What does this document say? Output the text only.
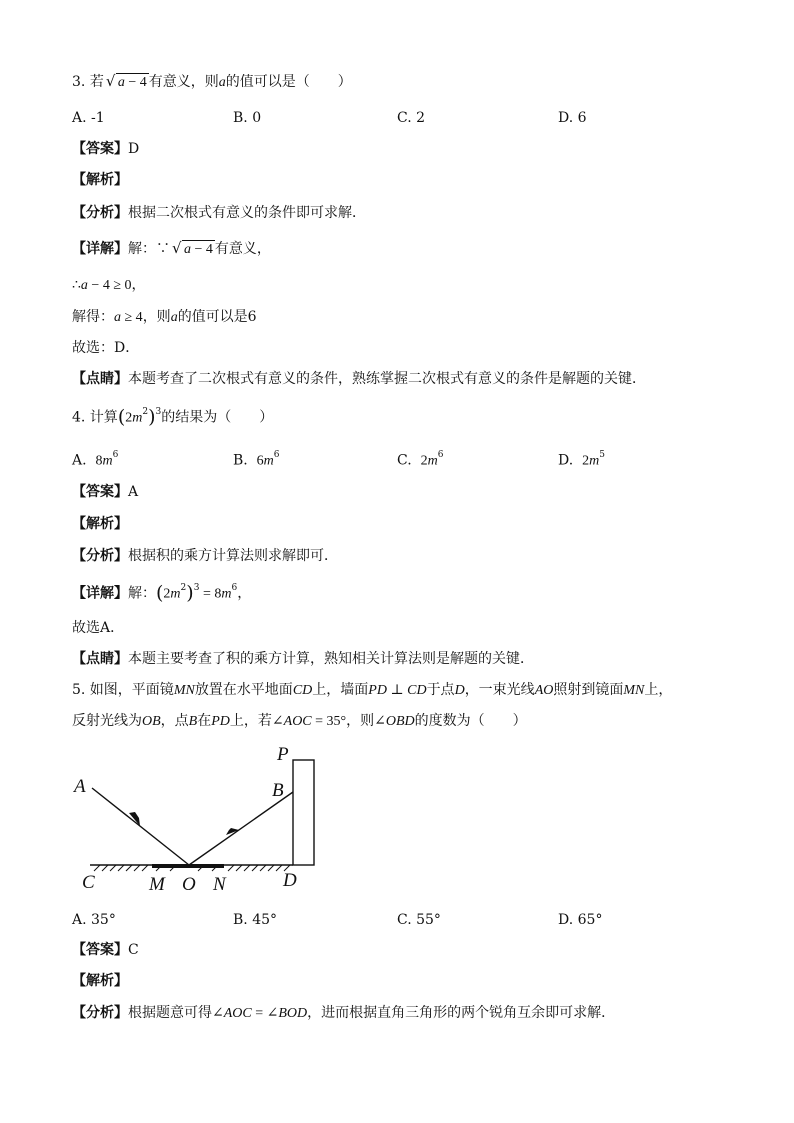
3. 若 √ a − 4 有意义，则a的值可以是（　　）
A. -1	B. 0	C. 2	D. 6
【答案】D
【解析】
【分析】根据二次根式有意义的条件即可求解．
【详解】解：∵ √ a − 4 有意义，
∴a − 4 ≥ 0，
解得：a ≥ 4，则a的值可以是6
故选：D．
【点睛】本题考查了二次根式有意义的条件，熟练掌握二次根式有意义的条件是解题的关键．
4. 计算$(2m^2)^3$的结果为（　　）
A. $8m^6$	B. $6m^6$	C. $2m^6$	D. $2m^5$
【答案】A
【解析】
【分析】根据积的乘方计算法则求解即可．
【详解】解：$(2m^2)^3 = 8m^6$，
故选A．
【点睛】本题主要考查了积的乘方计算，熟知相关计算法则是解题的关键．
5. 如图，平面镜MN放置在水平地面CD上，墙面PD ⊥ CD于点D，一束光线AO照射到镜面MN上，
反射光线为OB，点B在PD上，若∠AOC = 35°，则∠OBD的度数为（　　）
A	B
P
C	M O N	D
A. 35°	B. 45°	C. 55°	D. 65°
【答案】C
【解析】
【分析】根据题意可得∠AOC = ∠BOD，进而根据直角三角形的两个锐角互余即可求解．
